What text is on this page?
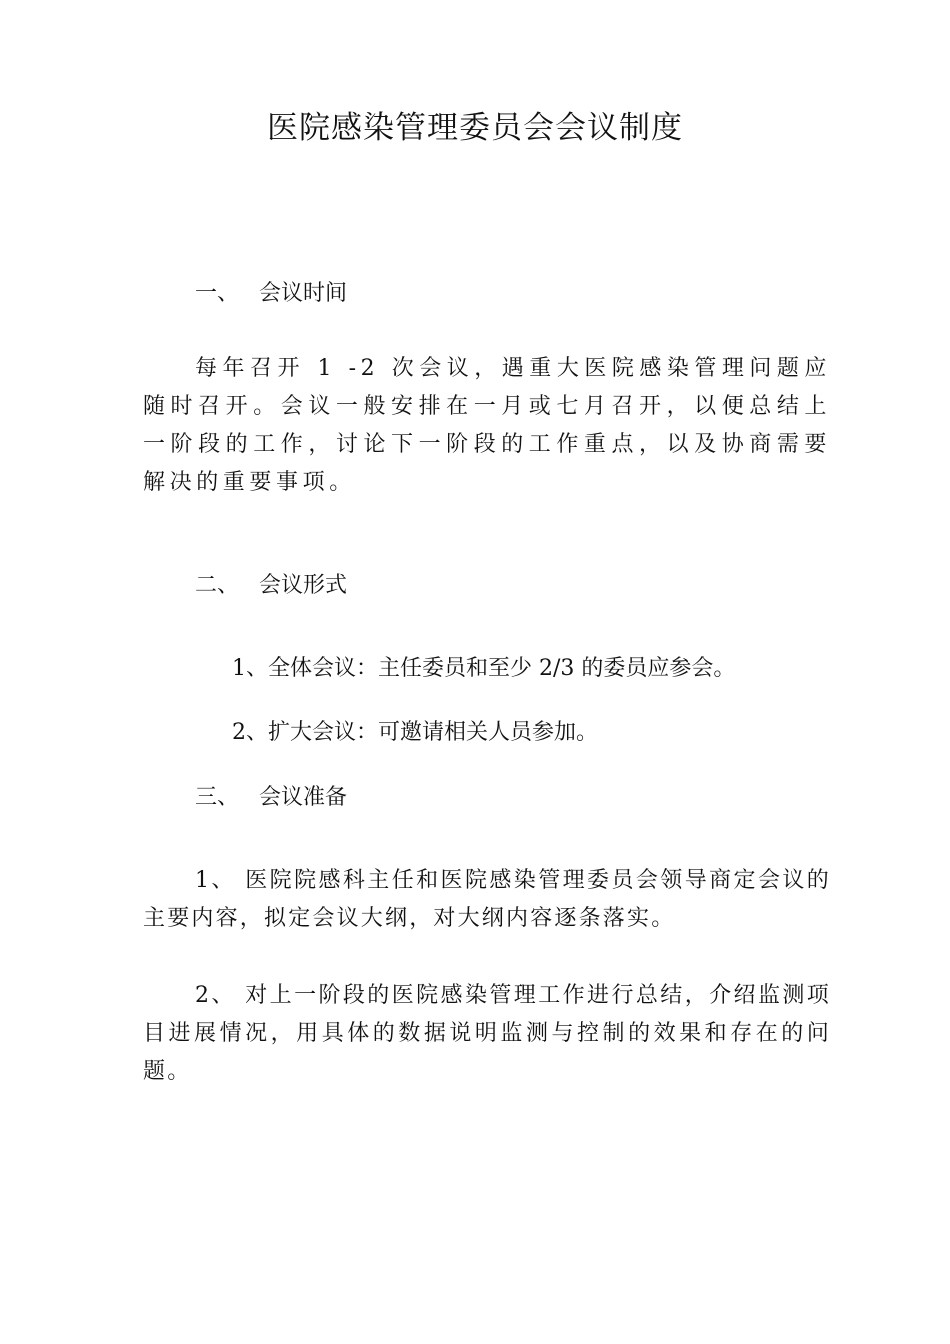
医院感染管理委员会会议制度
一、 会议时间

每年召开 1 -2 次会议，遇重大医院感染管理问题应随时召开。会议一般安排在一月或七月召开，以便总结上一阶段的工作，讨论下一阶段的工作重点，以及协商需要解决的重要事项。

二、 会议形式

1、全体会议：主任委员和至少 2/3 的委员应参会。

2、扩大会议：可邀请相关人员参加。

三、 会议准备

1、 医院院感科主任和医院感染管理委员会领导商定会议的主要内容，拟定会议大纲，对大纲内容逐条落实。

2、 对上一阶段的医院感染管理工作进行总结，介绍监测项目进展情况，用具体的数据说明监测与控制的效果和存在的问题。
